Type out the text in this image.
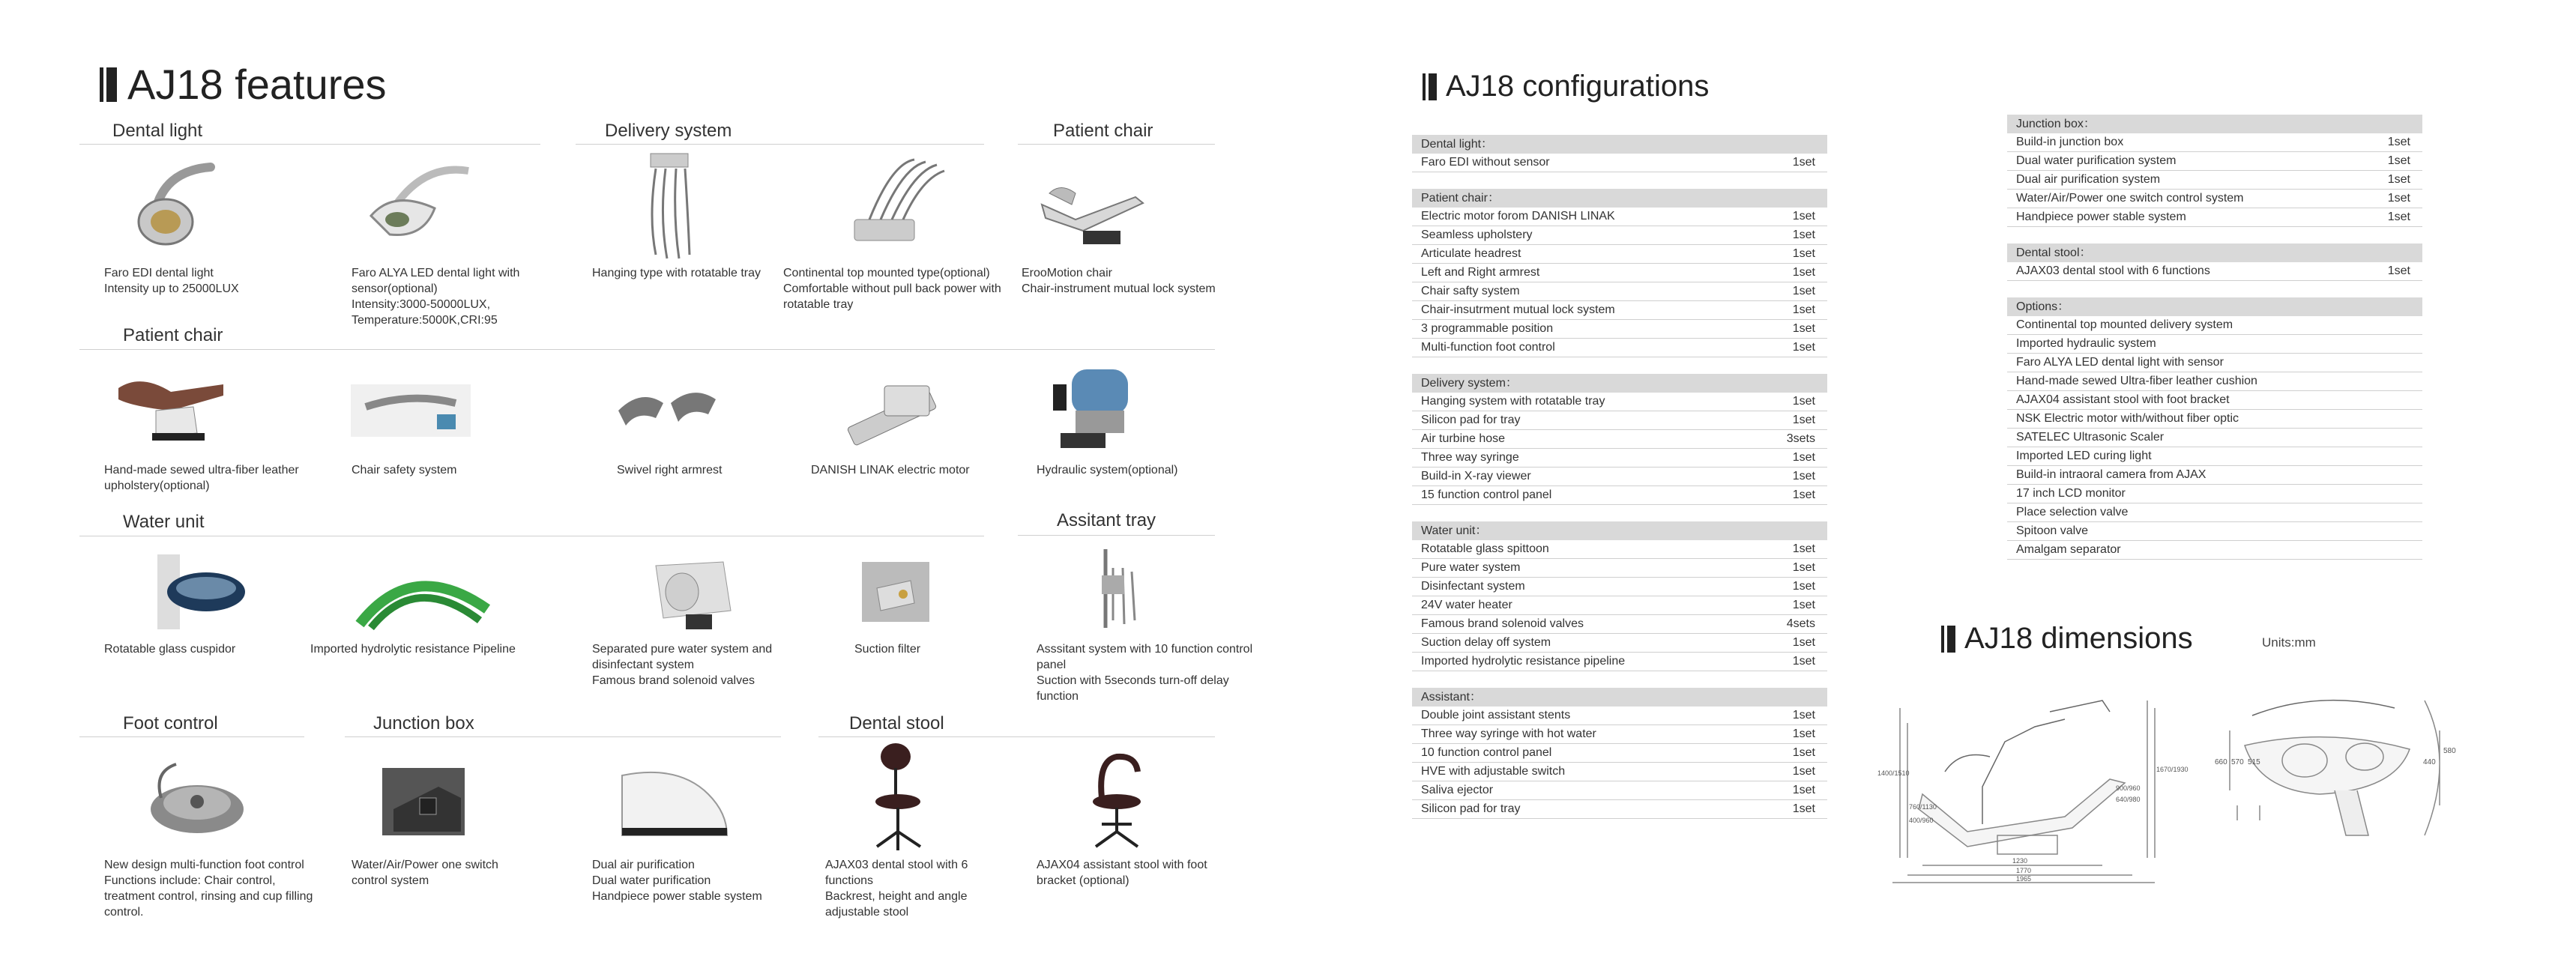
AJ18 features
Dental light	Delivery system	Patient chair
Faro EDI dental light
Intensity up to 25000LUX
Faro ALYA LED dental light with sensor(optional)
Intensity:3000-50000LUX,
Temperature:5000K,CRI:95
Hanging type with rotatable tray	Continental top mounted type(optional)
Comfortable without pull back power with rotatable tray
ErooMotion chair
Chair-instrument mutual lock system
Patient chair
Hand-made sewed ultra-fiber leather upholstery(optional)
Chair safety system	Swivel right armrest	DANISH LINAK electric motor	Hydraulic system(optional)
Water unit	Assitant tray
Rotatable glass cuspidor	Imported hydrolytic resistance Pipeline	Separated pure water system and disinfectant system
Famous brand solenoid valves
Suction filter	Asssitant system with 10 function control panel
Suction with 5seconds turn-off delay function
Foot control	Junction box	Dental stool
New design multi-function foot control
Functions include: Chair control, treatment control, rinsing and cup filling control.
Water/Air/Power one switch control system
Dual air purification
Dual water purification
Handpiece power stable system
AJAX03 dental stool with 6 functions
Backrest, height and angle adjustable stool
AJAX04 assistant stool with foot bracket (optional)
AJ18 configurations
Dental light：
Faro EDI without sensor	1set
Patient chair：
Electric motor forom DANISH LINAK	1set
Seamless upholstery	1set
Articulate headrest	1set
Left and Right armrest	1set
Chair safty system	1set
Chair-insutrment mutual lock system	1set
3 programmable position	1set
Multi-function foot control	1set
Delivery system：
Hanging system with rotatable tray	1set
Silicon pad for tray	1set
Air turbine hose	3sets
Three way syringe	1set
Build-in X-ray viewer	1set
15 function control panel	1set
Water unit：
Rotatable glass spittoon	1set
Pure water system	1set
Disinfectant system	1set
24V water heater	1set
Famous brand solenoid valves	4sets
Suction delay off system	1set
Imported hydrolytic resistance pipeline	1set
Assistant：
Double joint assistant stents	1set
Three way syringe with hot water	1set
10 function control panel	1set
HVE with adjustable switch	1set
Saliva ejector	1set
Silicon pad for tray	1set
Junction box：
Build-in junction box	1set
Dual water purification system	1set
Dual air purification system	1set
Water/Air/Power one switch control system	1set
Handpiece power stable system	1set
Dental stool：
AJAX03 dental stool with 6 functions	1set
Options：
Continental top mounted delivery system
Imported hydraulic system
Faro ALYA LED dental light with sensor
Hand-made sewed Ultra-fiber leather cushion
AJAX04 assistant stool with foot bracket
NSK Electric motor with/without fiber optic
SATELEC Ultrasonic Scaler
Imported LED curing light
Build-in intraoral camera from AJAX
17 inch LCD monitor
Place selection valve
Spitoon valve
Amalgam separator
AJ18 dimensions	Units:mm
1400/1510	1670/1930
760/1130
400/960
1230
1770
1965
900/960
640/980
660 570 515	440
580
